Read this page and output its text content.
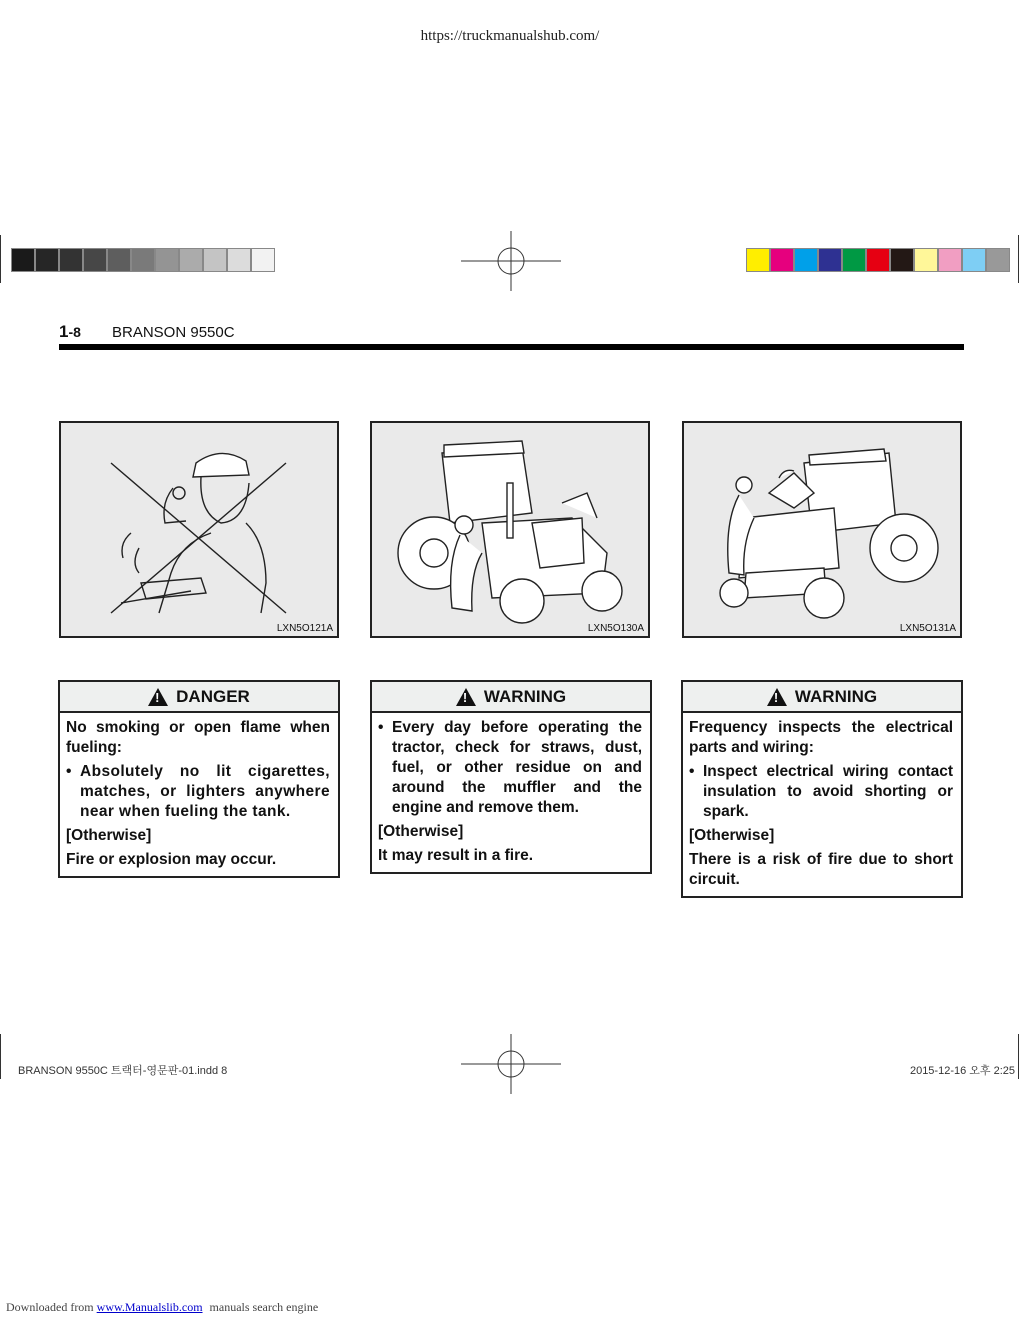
https://truckmanualshub.com/
1-8 BRANSON 9550C
LXN5O121A	LXN5O130A	LXN5O131A
!
DANGER

No smoking or open flame when fueling:

• Absolutely no lit cigarettes, matches, or lighters anywhere near when fueling the tank.

[Otherwise]

Fire or explosion may occur.

!
WARNING
• Every day before operating the tractor, check for straws, dust, fuel, or other residue on and around the muffler and the engine and remove them.

[Otherwise]

It may result in a fire.

!
WARNING

Frequency inspects the electrical parts and wiring:

• Inspect electrical wiring contact insulation to avoid shorting or spark.

[Otherwise]

There is a risk of fire due to short circuit.

BRANSON 9550C 트랙터-영문판-01.indd 8	2015-12-16 오후 2:25
Downloaded from www.Manualslib.com manuals search engine
